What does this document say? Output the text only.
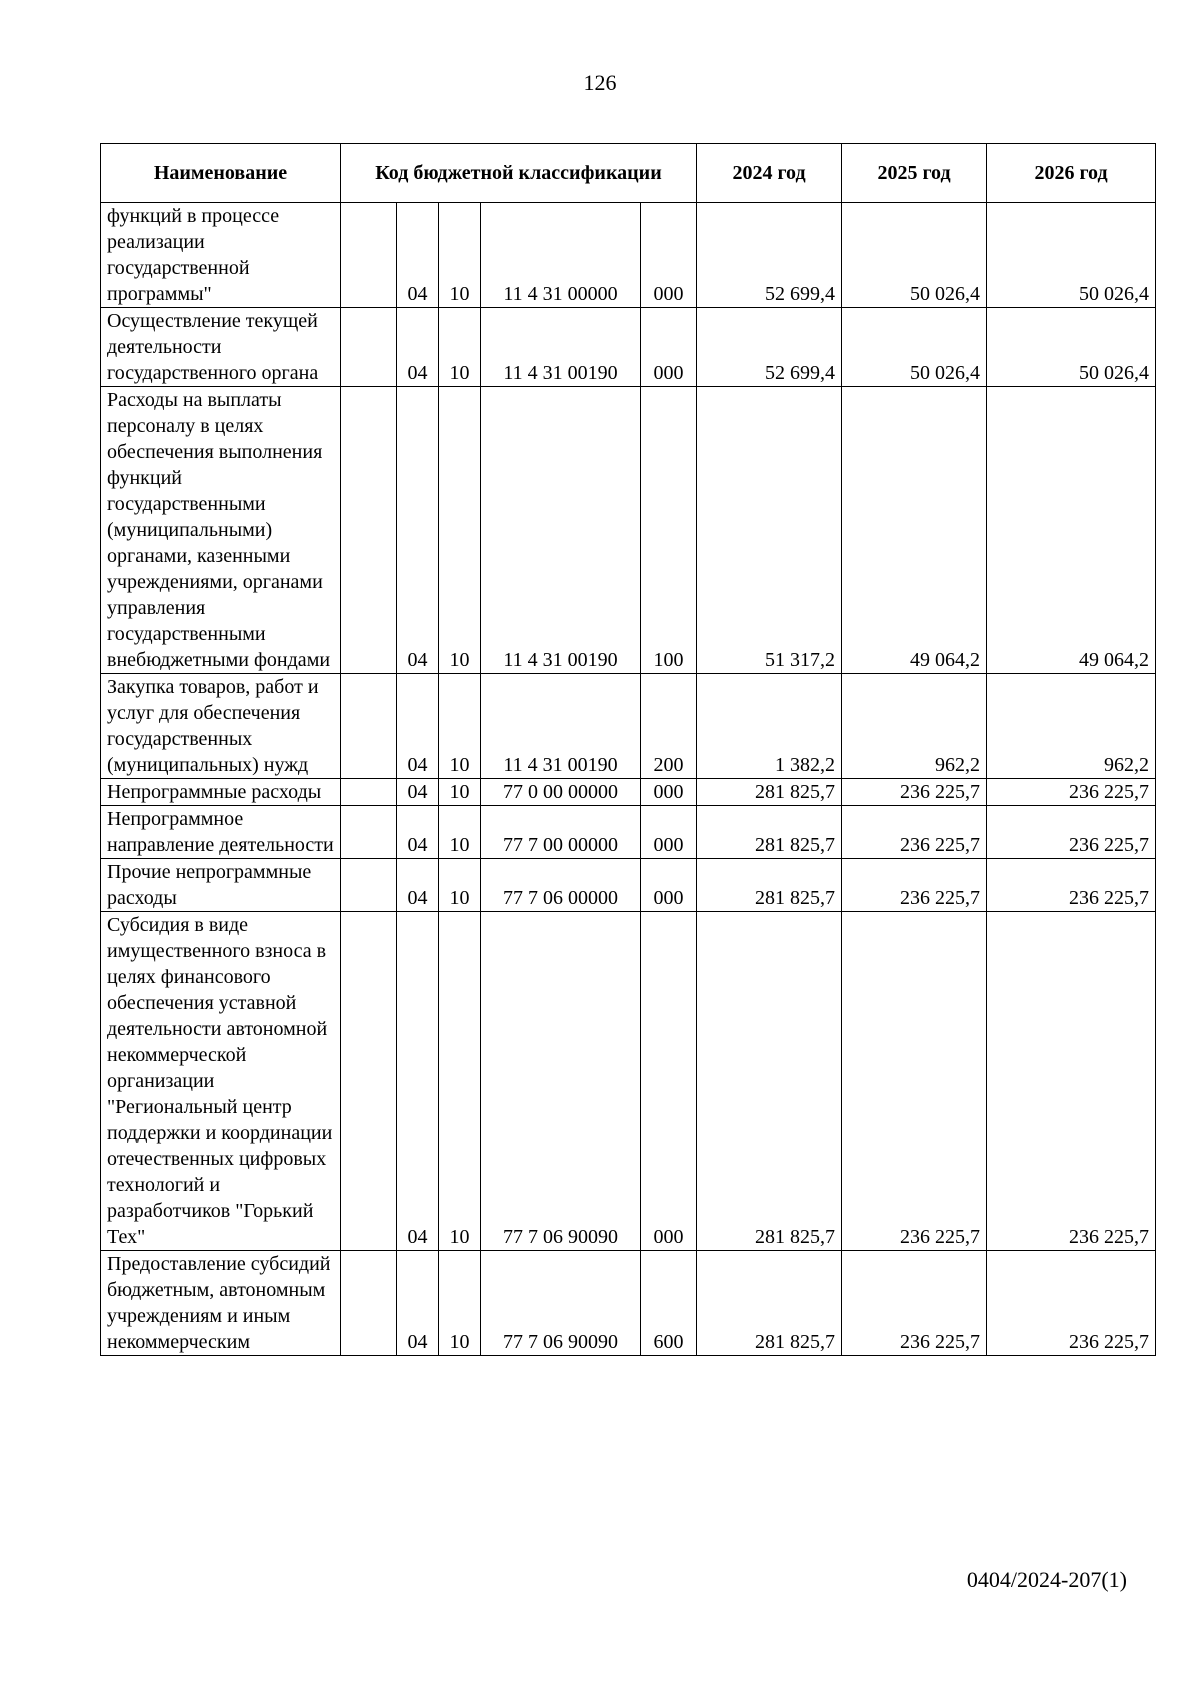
126
Наименование	Код бюджетной классификации					2024 год	2025 год	2026 год
функций в процессе реализации государственной программы"		04	10	11 4 31 00000	000	52 699,4	50 026,4	50 026,4
Осуществление текущей деятельности государственного органа		04	10	11 4 31 00190	000	52 699,4	50 026,4	50 026,4
Расходы на выплаты персоналу в целях обеспечения выполнения функций государственными (муниципальными) органами, казенными учреждениями, органами управления государственными внебюджетными фондами		04	10	11 4 31 00190	100	51 317,2	49 064,2	49 064,2
Закупка товаров, работ и услуг для обеспечения государственных (муниципальных) нужд		04	10	11 4 31 00190	200	1 382,2	962,2	962,2
Непрограммные расходы		04	10	77 0 00 00000	000	281 825,7	236 225,7	236 225,7
Непрограммное направление деятельности		04	10	77 7 00 00000	000	281 825,7	236 225,7	236 225,7
Прочие непрограммные расходы		04	10	77 7 06 00000	000	281 825,7	236 225,7	236 225,7
Субсидия в виде имущественного взноса в целях финансового обеспечения уставной деятельности автономной некоммерческой организации "Региональный центр поддержки и координации отечественных цифровых технологий и разработчиков "Горький Тех"		04	10	77 7 06 90090	000	281 825,7	236 225,7	236 225,7
Предоставление субсидий бюджетным, автономным учреждениям и иным некоммерческим		04	10	77 7 06 90090	600	281 825,7	236 225,7	236 225,7
0404/2024-207(1)
